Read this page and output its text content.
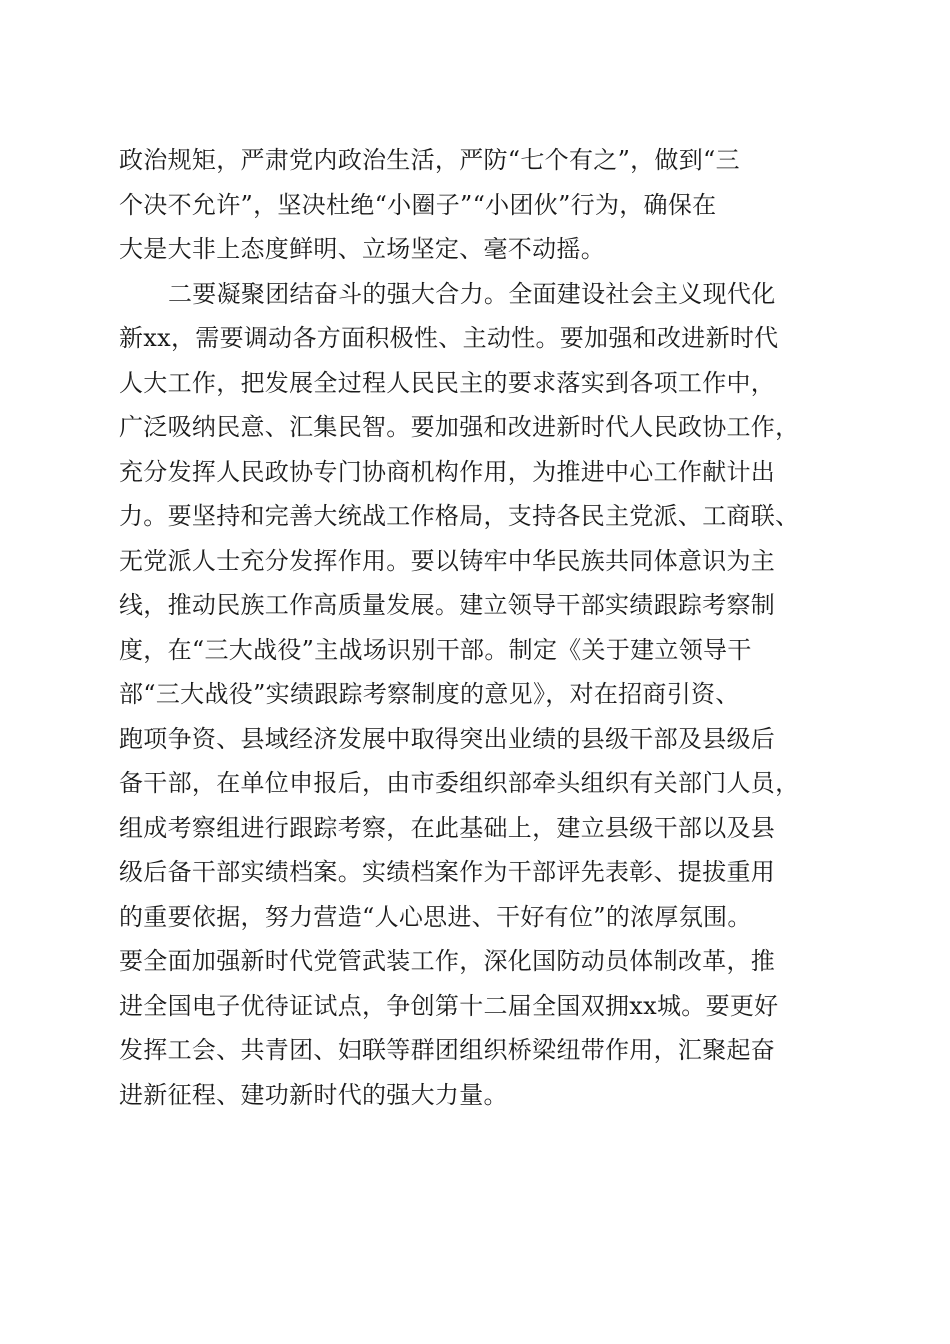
政治规矩，严肃党内政治生活，严防“七个有之”，做到“三
个决不允许”，坚决杜绝“小圈子”“小团伙”行为，确保在
大是大非上态度鲜明、立场坚定、毫不动摇。
二要凝聚团结奋斗的强大合力。全面建设社会主义现代化
新xx，需要调动各方面积极性、主动性。要加强和改进新时代
人大工作，把发展全过程人民民主的要求落实到各项工作中，
广泛吸纳民意、汇集民智。要加强和改进新时代人民政协工作，
充分发挥人民政协专门协商机构作用，为推进中心工作献计出
力。要坚持和完善大统战工作格局，支持各民主党派、工商联、
无党派人士充分发挥作用。要以铸牢中华民族共同体意识为主
线，推动民族工作高质量发展。建立领导干部实绩跟踪考察制
度，在“三大战役”主战场识别干部。制定《关于建立领导干
部“三大战役”实绩跟踪考察制度的意见》，对在招商引资、
跑项争资、县域经济发展中取得突出业绩的县级干部及县级后
备干部，在单位申报后，由市委组织部牵头组织有关部门人员，
组成考察组进行跟踪考察，在此基础上，建立县级干部以及县
级后备干部实绩档案。实绩档案作为干部评先表彰、提拔重用
的重要依据，努力营造“人心思进、干好有位”的浓厚氛围。
要全面加强新时代党管武装工作，深化国防动员体制改革，推
进全国电子优待证试点，争创第十二届全国双拥xx城。要更好
发挥工会、共青团、妇联等群团组织桥梁纽带作用，汇聚起奋
进新征程、建功新时代的强大力量。
